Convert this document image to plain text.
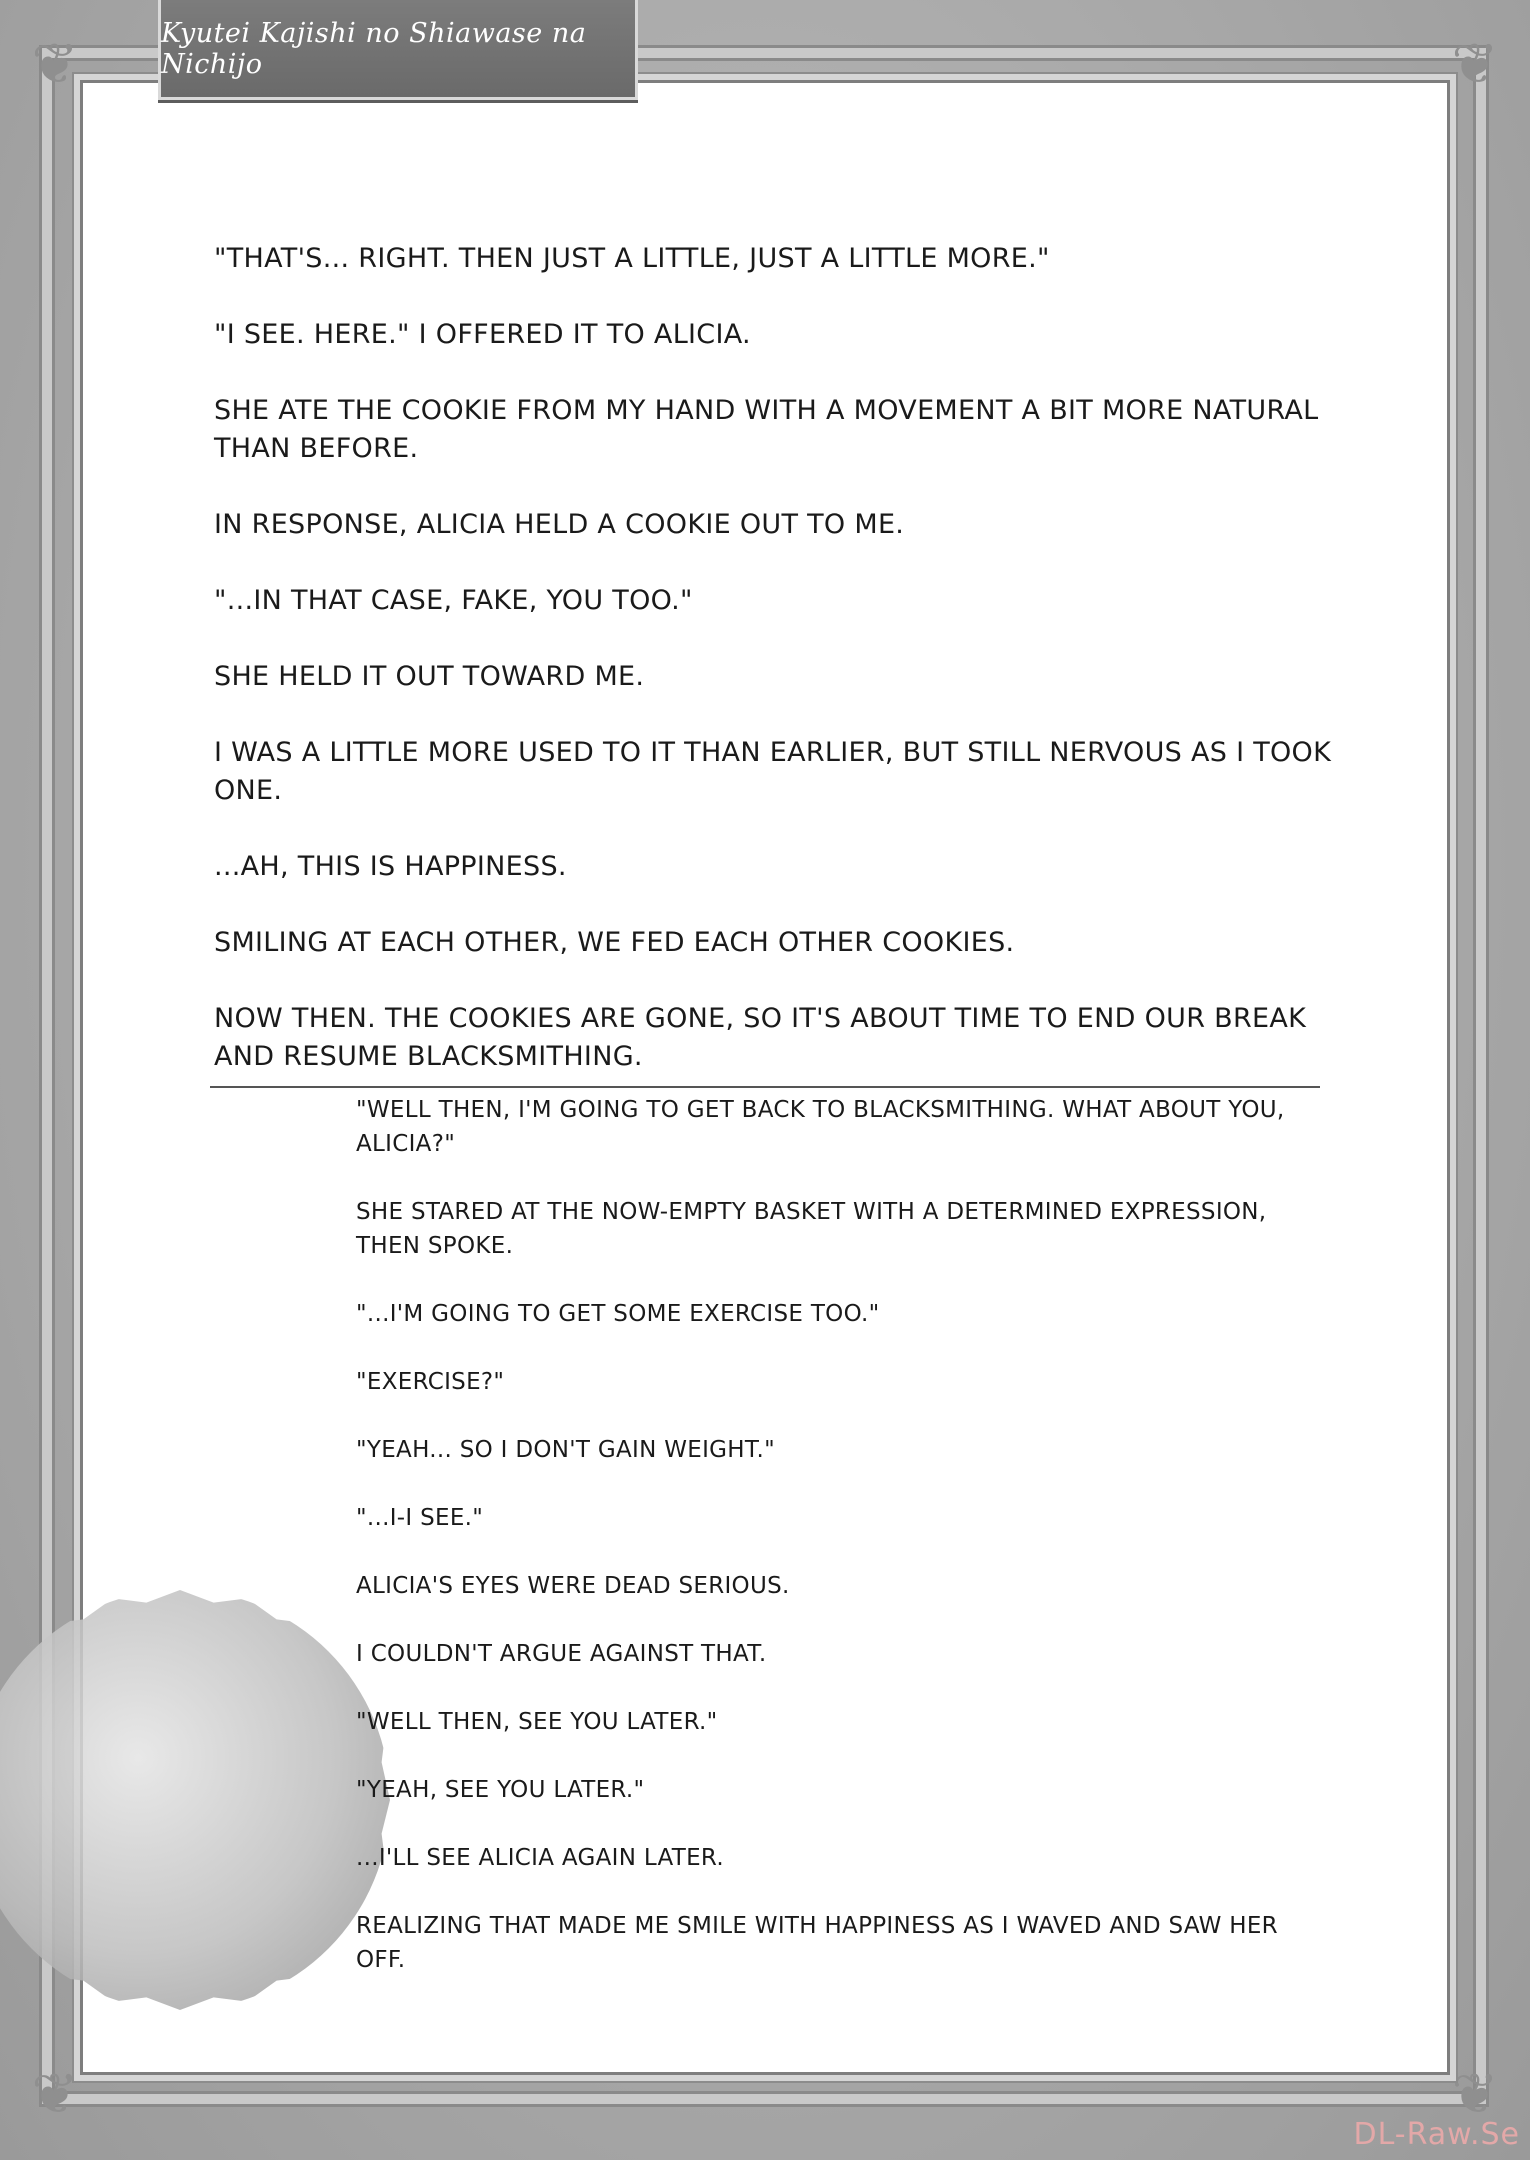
❦	❦
❦	❦
Kyutei Kajishi no Shiawase na Nichijo

"THAT'S... RIGHT. THEN JUST A LITTLE, JUST A LITTLE MORE."

"I SEE. HERE." I OFFERED IT TO ALICIA.

SHE ATE THE COOKIE FROM MY HAND WITH A MOVEMENT A BIT MORE NATURAL THAN BEFORE.

IN RESPONSE, ALICIA HELD A COOKIE OUT TO ME.

"...IN THAT CASE, FAKE, YOU TOO."

SHE HELD IT OUT TOWARD ME.

I WAS A LITTLE MORE USED TO IT THAN EARLIER, BUT STILL NERVOUS AS I TOOK ONE.

...AH, THIS IS HAPPINESS.

SMILING AT EACH OTHER, WE FED EACH OTHER COOKIES.

NOW THEN. THE COOKIES ARE GONE, SO IT'S ABOUT TIME TO END OUR BREAK AND RESUME BLACKSMITHING.

"WELL THEN, I'M GOING TO GET BACK TO BLACKSMITHING. WHAT ABOUT YOU, ALICIA?"

SHE STARED AT THE NOW-EMPTY BASKET WITH A DETERMINED EXPRESSION, THEN SPOKE.

"...I'M GOING TO GET SOME EXERCISE TOO."

"EXERCISE?"

"YEAH... SO I DON'T GAIN WEIGHT."

"...I-I SEE."

ALICIA'S EYES WERE DEAD SERIOUS.

I COULDN'T ARGUE AGAINST THAT.

"WELL THEN, SEE YOU LATER."

"YEAH, SEE YOU LATER."

...I'LL SEE ALICIA AGAIN LATER.

REALIZING THAT MADE ME SMILE WITH HAPPINESS AS I WAVED AND SAW HER OFF.

DL-Raw.Se
